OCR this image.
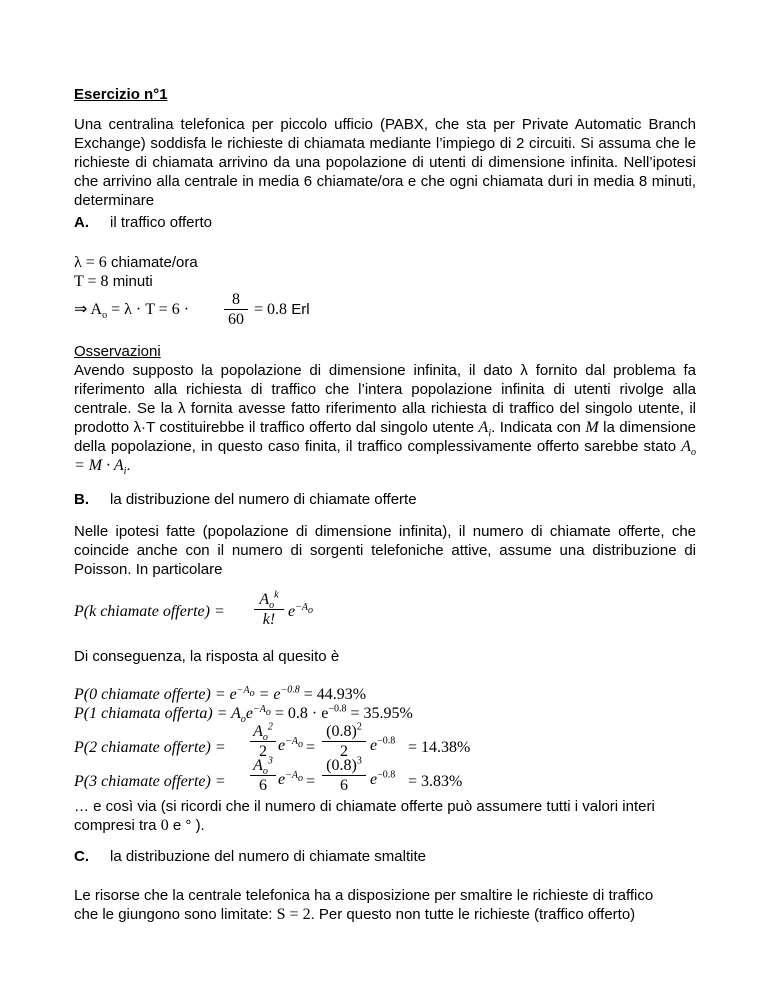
Esercizio n°1
Una centralina telefonica per piccolo ufficio (PABX, che sta per Private Automatic Branch Exchange) soddisfa le richieste di chiamata mediante l’impiego di 2 circuiti. Si assuma che le richieste di chiamata arrivino da una popolazione di utenti di dimensione infinita. Nell’ipotesi che arrivino alla centrale in media 6 chiamate/ora e che ogni chiamata duri in media 8 minuti, determinare
A. il traffico offerto
λ = 6 chiamate/ora
T = 8 minuti
⇒ $A_o = \lambda \cdot T = 6 \cdot \frac{8}{60} = 0.8$ Erl
Osservazioni
Avendo supposto la popolazione di dimensione infinita, il dato λ fornito dal problema fa riferimento alla richiesta di traffico che l’intera popolazione infinita di utenti rivolge alla centrale. Se la λ fornita avesse fatto riferimento alla richiesta di traffico del singolo utente, il prodotto λ·T costituirebbe il traffico offerto dal singolo utente $A_i$. Indicata con M la dimensione della popolazione, in questo caso finita, il traffico complessivamente offerto sarebbe stato $A_o = M \cdot A_i$.
B. la distribuzione del numero di chiamate offerte
Nelle ipotesi fatte (popolazione di dimensione infinita), il numero di chiamate offerte, che coincide anche con il numero di sorgenti telefoniche attive, assume una distribuzione di Poisson. In particolare
P(k chiamate offerte) =
$A_o^k$
k! $e^{-A_o}$
Di conseguenza, la risposta al quesito è
P(0 chiamate offerte) = $e^{-A_o} = e^{-0.8} = 44.93\%$
P(1 chiamata offerta) = $A_oe^{-A_o} = 0.8 \cdot e^{-0.8} = 35.95\%$
P(2 chiamate offerte) = $\frac{A_o^2}{2} e^{-A_o} = \frac{(0.8)^2}{2} e^{-0.8} = 14.38\%$
P(3 chiamate offerte) = $\frac{A_o^3}{6} e^{-A_o} = \frac{(0.8)^3}{6} e^{-0.8} = 3.83\%$
… e così via (si ricordi che il numero di chiamate offerte può assumere tutti i valori interi
compresi tra 0 e ° ).
C. la distribuzione del numero di chiamate smaltite
Le risorse che la centrale telefonica ha a disposizione per smaltire le richieste di traffico
che le giungono sono limitate: S = 2. Per questo non tutte le richieste (traffico offerto)
